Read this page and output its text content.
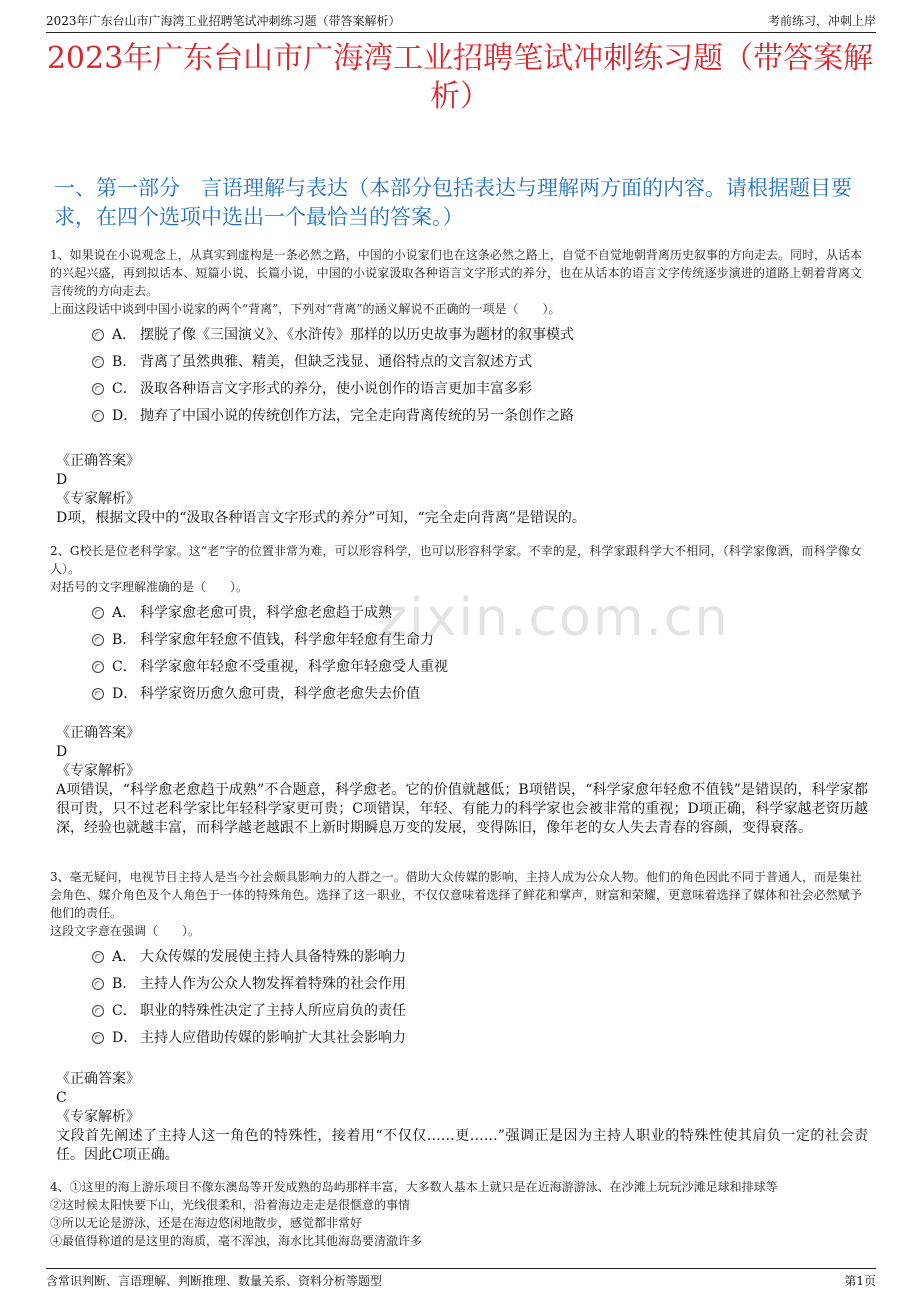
2023年广东台山市广海湾工业招聘笔试冲刺练习题（带答案解析）	考前练习，冲刺上岸
2023年广东台山市广海湾工业招聘笔试冲刺练习题（带答案解析）
一、第一部分　言语理解与表达（本部分包括表达与理解两方面的内容。请根据题目要求，在四个选项中选出一个最恰当的答案。）
zixin.com.cn
1、如果说在小说观念上，从真实到虚构是一条必然之路，中国的小说家们也在这条必然之路上，自觉不自觉地朝背离历史叙事的方向走去。同时，从话本的兴起兴盛，再到拟话本、短篇小说、长篇小说，中国的小说家汲取各种语言文字形式的养分，也在从话本的语言文字传统逐步演进的道路上朝着背离文言传统的方向走去。
上面这段话中谈到中国小说家的两个“背离”，下列对“背离”的涵义解说不正确的一项是（　　）。
A． 摆脱了像《三国演义》、《水浒传》那样的以历史故事为题材的叙事模式
B． 背离了虽然典雅、精美，但缺乏浅显、通俗特点的文言叙述方式
C． 汲取各种语言文字形式的养分，使小说创作的语言更加丰富多彩
D． 抛弃了中国小说的传统创作方法，完全走向背离传统的另一条创作之路
《正确答案》
D
《专家解析》
D项，根据文段中的“汲取各种语言文字形式的养分”可知，“完全走向背离”是错误的。
2、G校长是位老科学家。这“老”字的位置非常为难，可以形容科学，也可以形容科学家。不幸的是，科学家跟科学大不相同，（科学家像酒，而科学像女人）。
对括号的文字理解准确的是（　　）。
A． 科学家愈老愈可贵，科学愈老愈趋于成熟
B． 科学家愈年轻愈不值钱，科学愈年轻愈有生命力
C． 科学家愈年轻愈不受重视，科学愈年轻愈受人重视
D． 科学家资历愈久愈可贵，科学愈老愈失去价值
《正确答案》
D
《专家解析》
A项错误，“科学愈老愈趋于成熟”不合题意，科学愈老。它的价值就越低；B项错误，“科学家愈年轻愈不值钱”是错误的，科学家都很可贵，只不过老科学家比年轻科学家更可贵；C项错误，年轻、有能力的科学家也会被非常的重视；D项正确，科学家越老资历越深，经验也就越丰富，而科学越老越跟不上新时期瞬息万变的发展，变得陈旧，像年老的女人失去青春的容颜，变得衰落。
3、毫无疑问，电视节目主持人是当今社会颇具影响力的人群之一。借助大众传媒的影响，主持人成为公众人物。他们的角色因此不同于普通人，而是集社会角色、媒介角色及个人角色于一体的特殊角色。选择了这一职业，不仅仅意味着选择了鲜花和掌声，财富和荣耀，更意味着选择了媒体和社会必然赋予他们的责任。
这段文字意在强调（　　）。
A． 大众传媒的发展使主持人具备特殊的影响力
B． 主持人作为公众人物发挥着特殊的社会作用
C． 职业的特殊性决定了主持人所应肩负的责任
D． 主持人应借助传媒的影响扩大其社会影响力
《正确答案》
C
《专家解析》
文段首先阐述了主持人这一角色的特殊性，接着用“不仅仅……更……”强调正是因为主持人职业的特殊性使其肩负一定的社会责任。因此C项正确。
4、①这里的海上游乐项目不像东澳岛等开发成熟的岛屿那样丰富，大多数人基本上就只是在近海游游泳、在沙滩上玩玩沙滩足球和排球等
②这时候太阳快要下山，光线很柔和，沿着海边走走是很惬意的事情
③所以无论是游泳，还是在海边悠闲地散步，感觉都非常好
④最值得称道的是这里的海质，毫不浑浊，海水比其他海岛要清澈许多
含常识判断、言语理解、判断推理、数量关系、资料分析等题型	第1页
